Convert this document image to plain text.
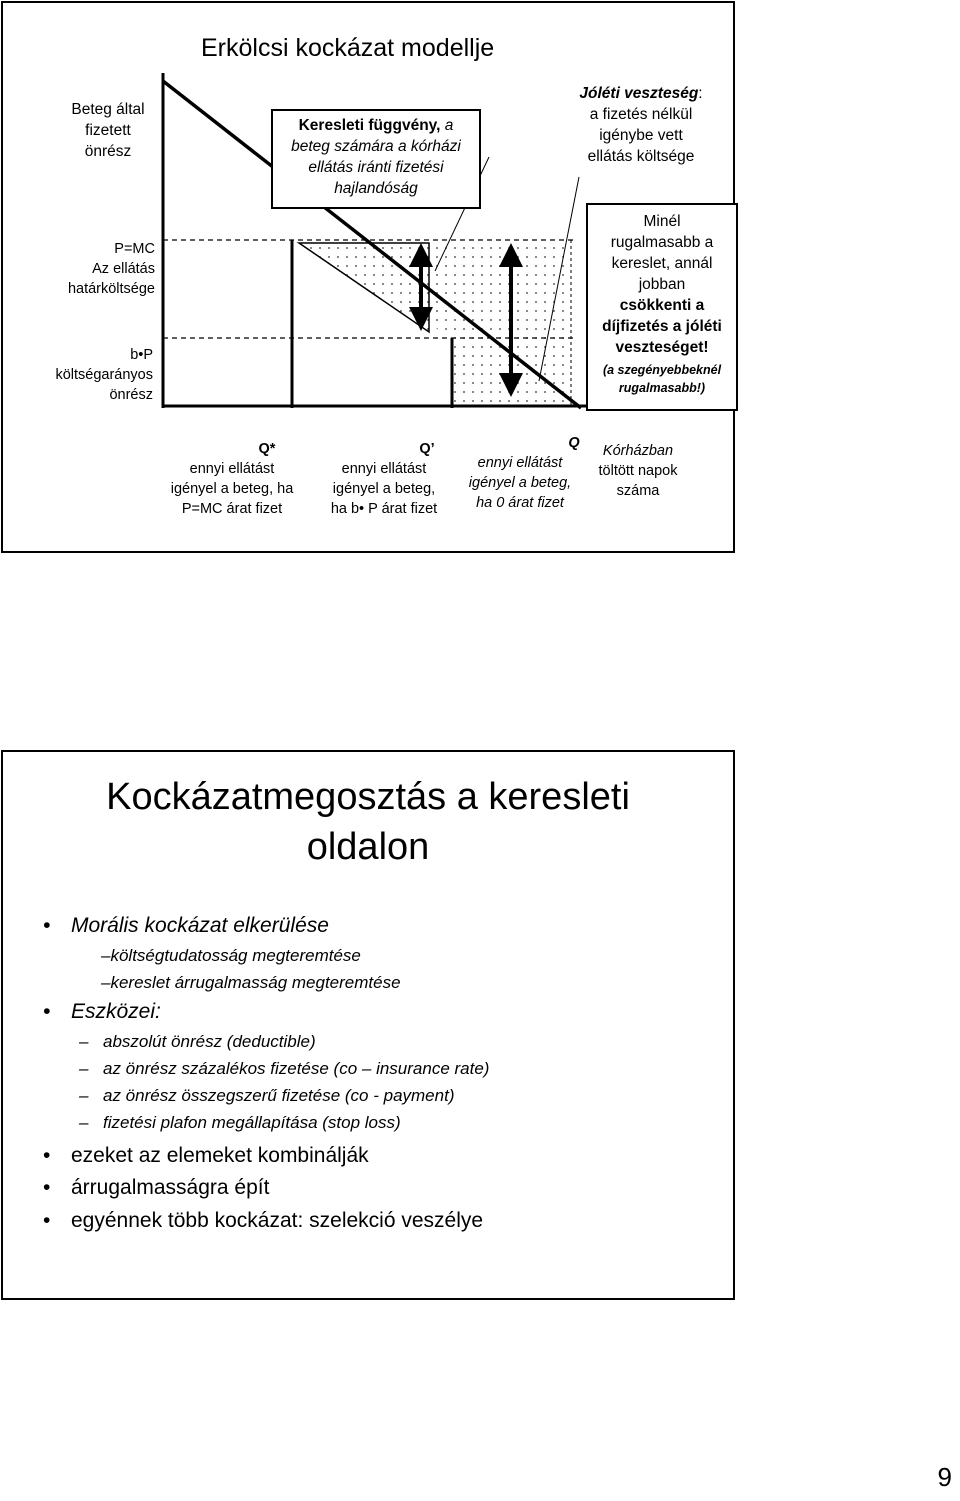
Erkölcsi kockázat modellje
Beteg által
fizetett
önrész
P=MC
Az ellátás
határköltsége
b•P
költségarányos
önrész
Keresleti függvény, a beteg számára a kórházi ellátás iránti fizetési hajlandóság
Jóléti veszteség:
a fizetés nélkül
igénybe vett
ellátás költsége
Minél
rugalmasabb a
kereslet, annál
jobban
csökkenti a
díjfizetés a jóléti
veszteséget!
(a szegényebbeknél
rugalmasabb!)
Q*
ennyi ellátást
igényel a beteg, ha
P=MC árat fizet
Q’
ennyi ellátást
igényel a beteg,
ha b• P árat fizet
Q
ennyi ellátást
igényel a beteg,
ha 0 árat fizet
Kórházban
töltött napok
száma
Kockázatmegosztás a keresleti
oldalon
• Morális kockázat elkerülése
–költségtudatosság megteremtése
–kereslet árrugalmasság megteremtése
• Eszközei:
– abszolút önrész (deductible)
– az önrész százalékos fizetése (co – insurance rate)
– az önrész összegszerű fizetése (co - payment)
– fizetési plafon megállapítása (stop loss)
• ezeket az elemeket kombinálják
• árrugalmasságra épít
• egyénnek több kockázat: szelekció veszélye
9
